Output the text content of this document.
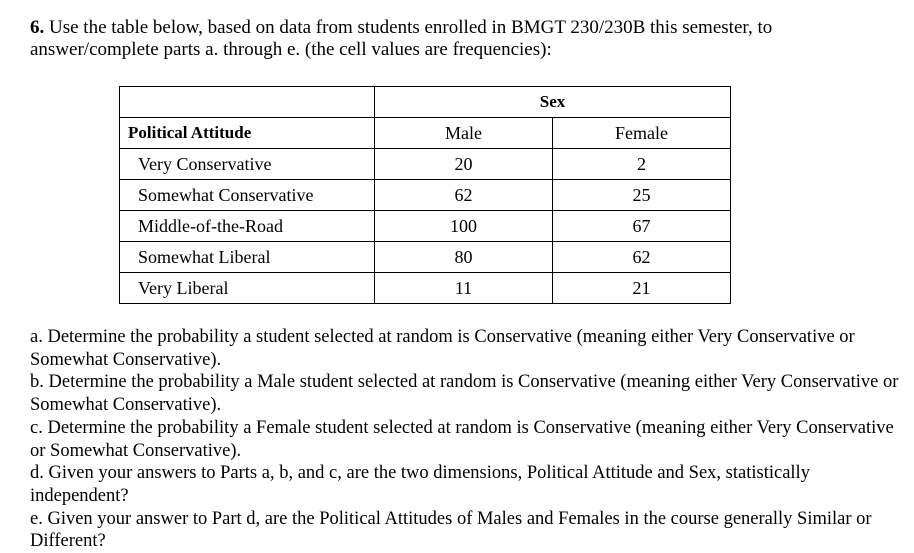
6. Use the table below, based on data from students enrolled in BMGT 230/230B this semester, to answer/complete parts a. through e. (the cell values are frequencies):
	Sex	
Political Attitude	Male	Female
Very Conservative	20	2
Somewhat Conservative	62	25
Middle-of-the-Road	100	67
Somewhat Liberal	80	62
Very Liberal	11	21

a. Determine the probability a student selected at random is Conservative (meaning either Very Conservative or Somewhat Conservative).

b. Determine the probability a Male student selected at random is Conservative (meaning either Very Conservative or Somewhat Conservative).

c. Determine the probability a Female student selected at random is Conservative (meaning either Very Conservative or Somewhat Conservative).

d. Given your answers to Parts a, b, and c, are the two dimensions, Political Attitude and Sex, statistically independent?

e. Given your answer to Part d, are the Political Attitudes of Males and Females in the course generally Similar or Different?
